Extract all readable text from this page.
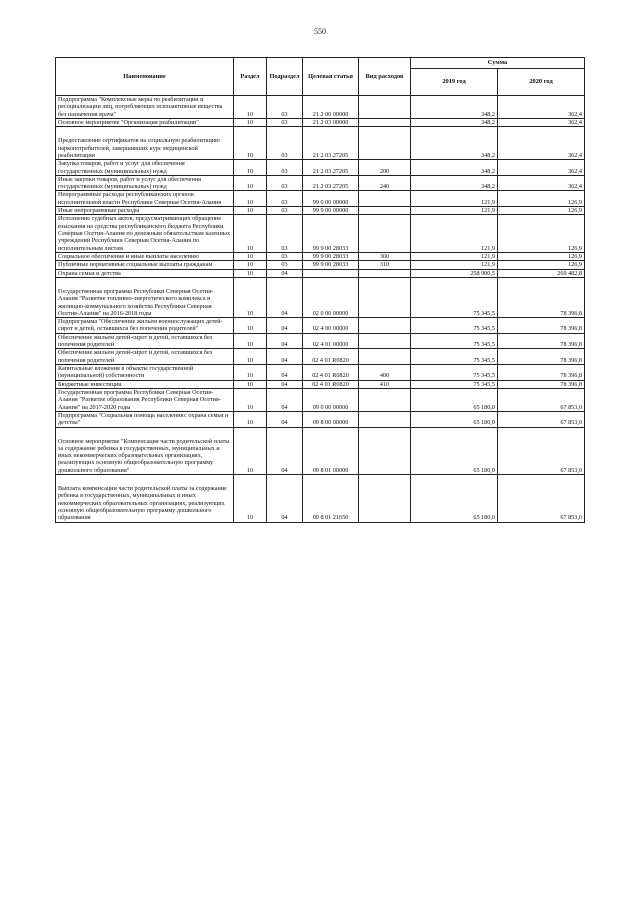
550
Наименование	Раздел	Подраздел	Целевая статья	Вид расходов	Сумма	
					2019 год	2020 год
Подпрограмма "Комплексные меры по реабилитации и ресоциализации лиц, потребляющих психоактивные вещества без назначения врача"	10	03	21 2 00 00000		348,2	362,4
Основное мероприятие "Организация реабилитации"	10	03	21 2 03 00000		348,2	362,4
Предоставление сертификатов на социальную реабилитацию наркопотребителей, завершивших курс медицинской реабилитации	10	03	21 2 03 27205		348,2	362,4
Закупка товаров, работ и услуг для обеспечения государственных (муниципальных) нужд	10	03	21 2 03 27205	200	348,2	362,4
Иные закупки товаров, работ и услуг для обеспечения государственных (муниципальных) нужд	10	03	21 2 03 27205	240	348,2	362,4
Непрограммные расходы республиканских органов исполнительной власти Республики Северная Осетия-Алания	10	03	99 0 00 00000		121,9	126,9
Иные непрограммные расходы	10	03	99 9 00 00000		121,9	126,9
Исполнение судебных актов, предусматривающих обращение взыскания на средства республиканского бюджета Республики Северная Осетия-Алания по денежным обязательствам казенных учреждений Республики Северная Осетия-Алания по исполнительным листам	10	03	99 9 00 28033		121,9	126,9
Социальное обеспечение и иные выплаты населению	10	03	99 9 00 28033	300	121,9	126,9
Публичные нормативные социальные выплаты гражданам	10	03	99 9 00 28033	310	121,9	126,9
Охрана семьи и детства	10	04			258 900,5	269 482,8
Государственная программа Республики Северная Осетия-Алания "Развитие топливно-энергетического комплекса и жилищно-коммунального хозяйства Республики Северная Осетия-Алания" на 2016-2018 годы	10	04	02 0 00 00000		75 345,5	78 396,8
Подпрограмма "Обеспечение жильем военнослужащих детей-сирот и детей, оставшихся без попечения родителей"	10	04	02 4 00 00000		75 345,5	78 396,8
Обеспечение жильем детей-сирот и детей, оставшихся без попечения родителей	10	04	02 4 01 00000		75 345,5	78 396,8
Обеспечение жильем детей-сирот и детей, оставшихся без попечения родителей	10	04	02 4 01 R0820		75 345,5	78 396,8
Капитальные вложения в объекты государственной (муниципальной) собственности	10	04	02 4 01 R0820	400	75 345,5	78 396,8
Бюджетные инвестиции	10	04	02 4 01 R0820	410	75 345,5	78 396,8
Государственная программа Республики Северная Осетия-Алания "Развитие образования Республики Северная Осетия-Алания" на 2017-2020 годы	10	04	09 0 00 00000		65 180,0	67 853,0
Подпрограмма "Социальная помощь населению: охрана семьи и детства"	10	04	09 8 00 00000		65 180,0	67 853,0
Основное мероприятие "Компенсация части родительской платы за содержание ребенка в государственных, муниципальных и иных некоммерческих образовательных организациях, реализующих основную общеобразовательную программу дошкольного образования"	10	04	09 8 01 00000		65 180,0	67 853,0
Выплата компенсации части родительской платы за содержание ребенка в государственных, муниципальных и иных некоммерческих образовательных организациях, реализующих основную общеобразовательную программу дошкольного образования	10	04	09 8 01 21650		65 180,0	67 853,0
